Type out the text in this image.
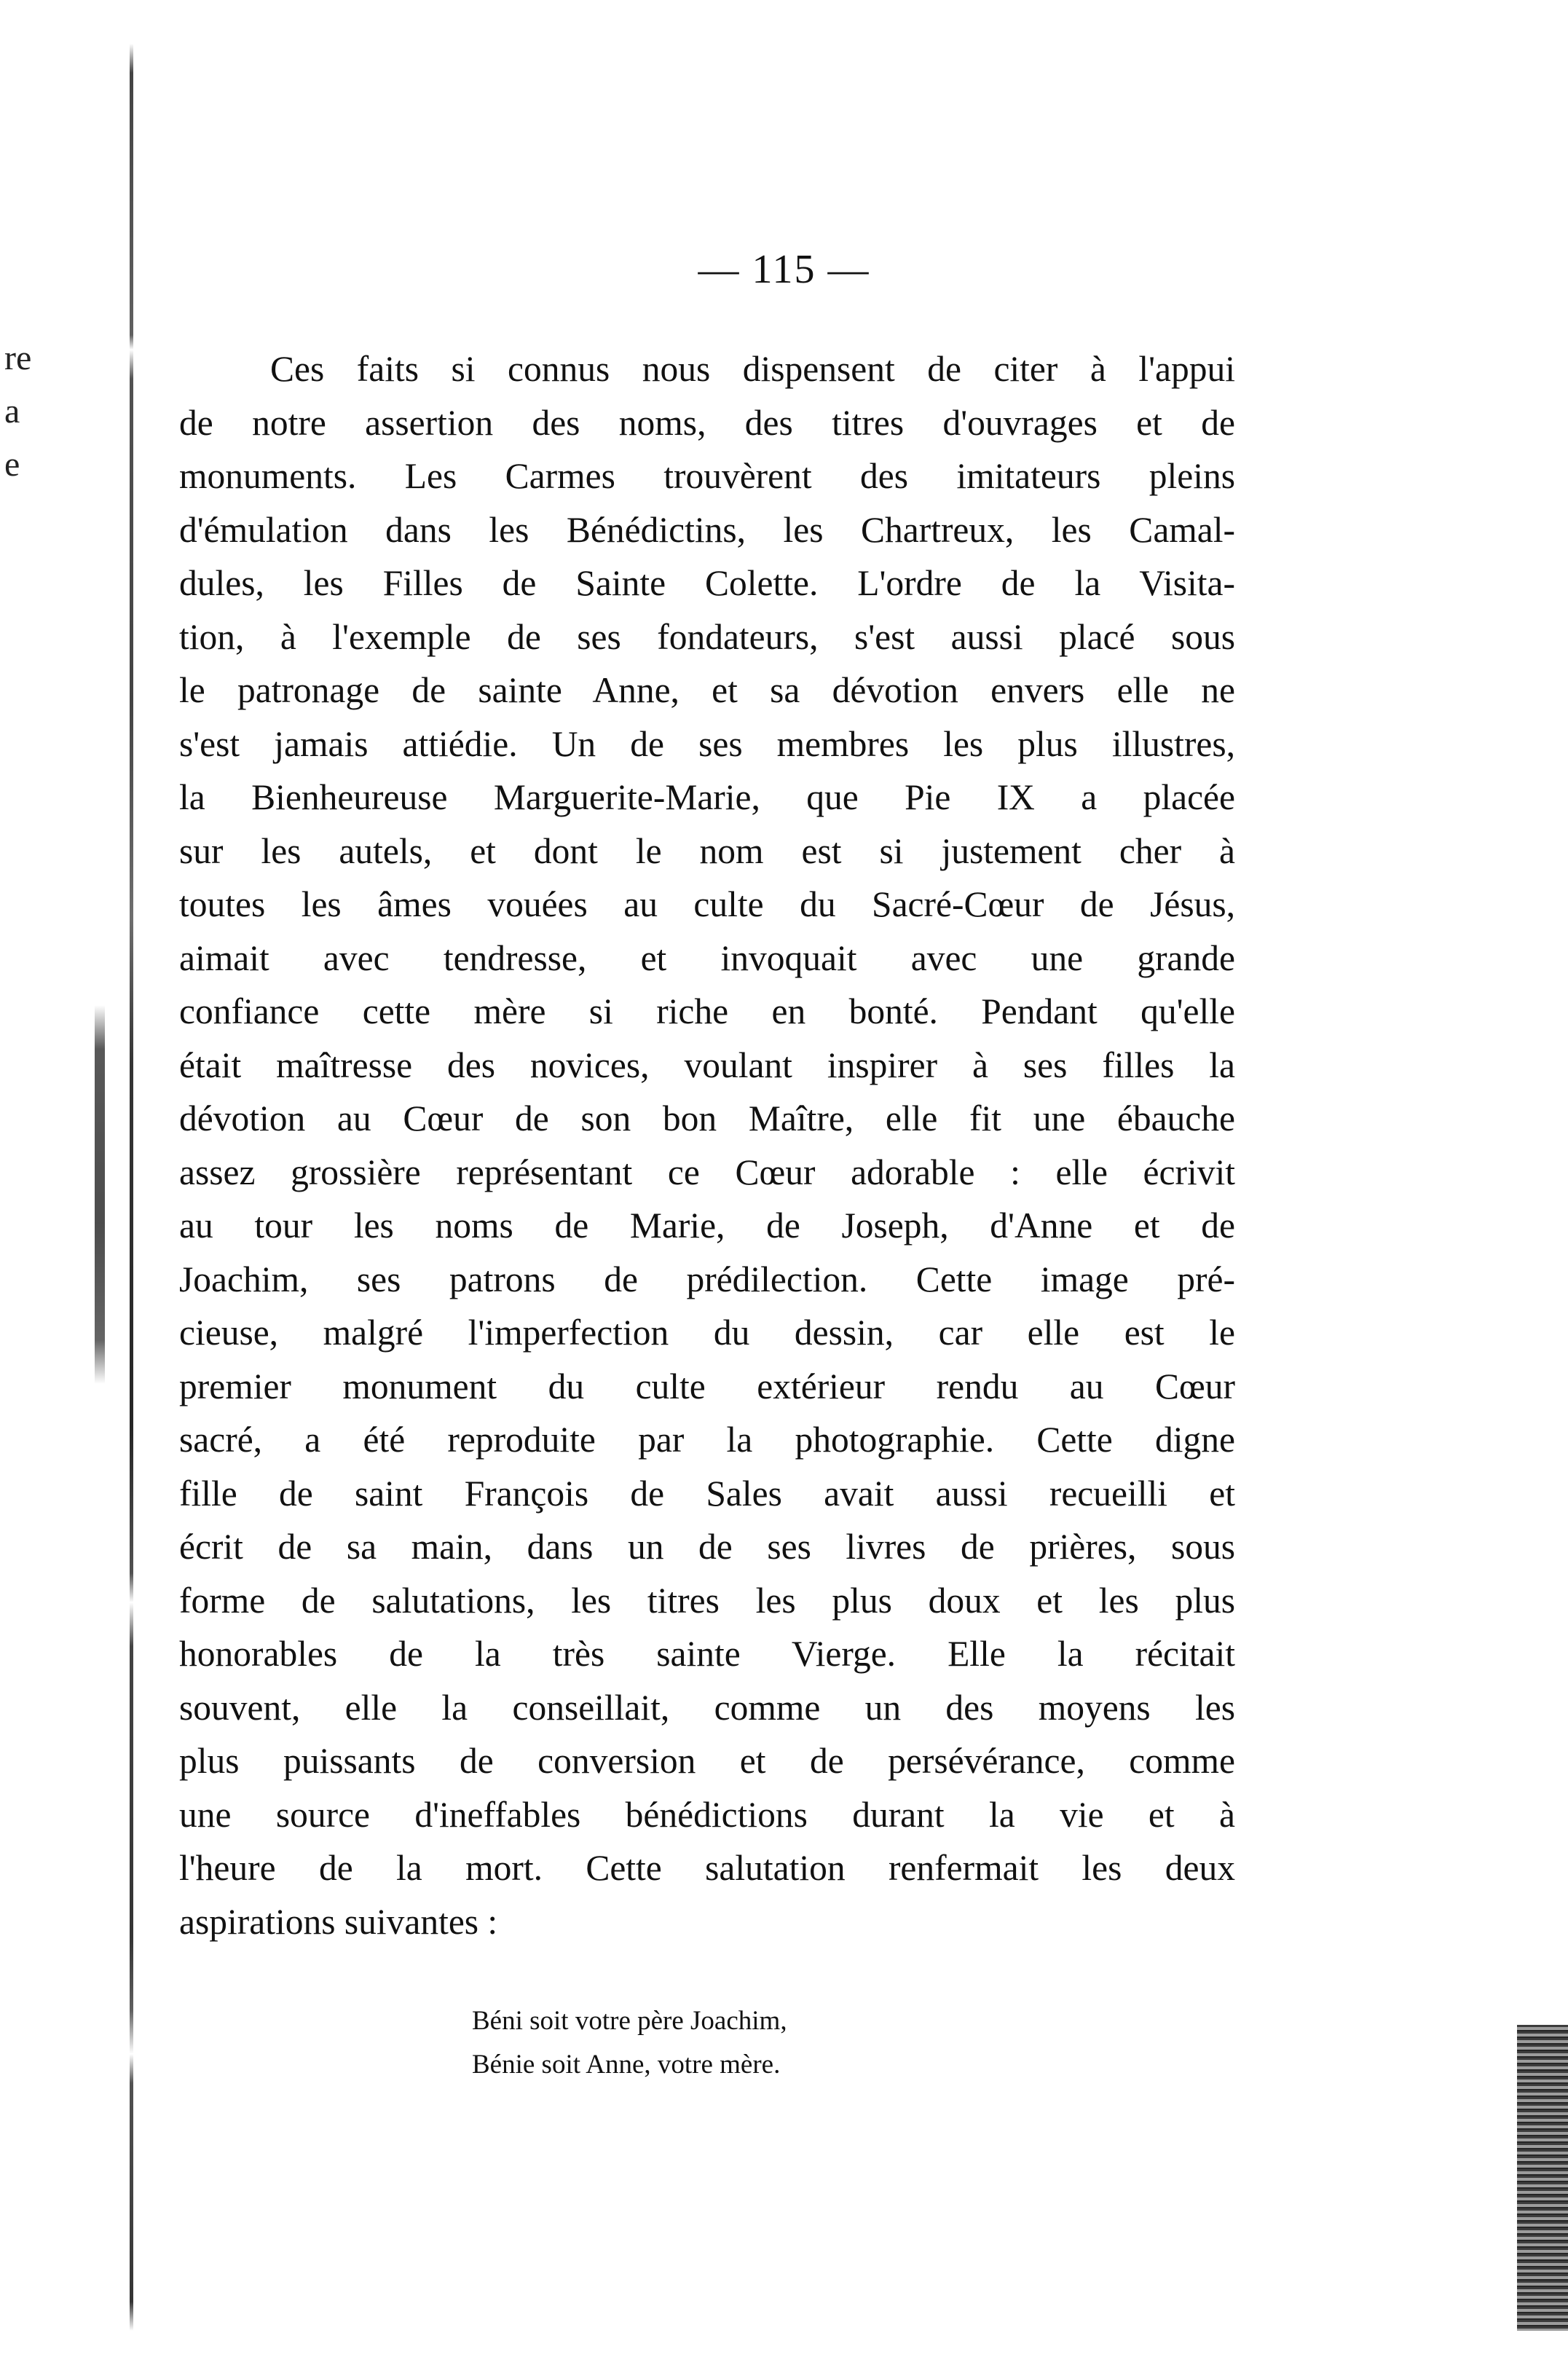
re
a
e
— 115 —
Ces faits si connus nous dispensent de citer à l'appui
de notre assertion des noms, des titres d'ouvrages et de
monuments. Les Carmes trouvèrent des imitateurs pleins
d'émulation dans les Bénédictins, les Chartreux, les Camal-
dules, les Filles de Sainte Colette. L'ordre de la Visita-
tion, à l'exemple de ses fondateurs, s'est aussi placé sous
le patronage de sainte Anne, et sa dévotion envers elle ne
s'est jamais attiédie. Un de ses membres les plus illustres,
la Bienheureuse Marguerite-Marie, que Pie IX a placée
sur les autels, et dont le nom est si justement cher à
toutes les âmes vouées au culte du Sacré-Cœur de Jésus,
aimait avec tendresse, et invoquait avec une grande
confiance cette mère si riche en bonté. Pendant qu'elle
était maîtresse des novices, voulant inspirer à ses filles la
dévotion au Cœur de son bon Maître, elle fit une ébauche
assez grossière représentant ce Cœur adorable : elle écrivit
au tour les noms de Marie, de Joseph, d'Anne et de
Joachim, ses patrons de prédilection. Cette image pré-
cieuse, malgré l'imperfection du dessin, car elle est le
premier monument du culte extérieur rendu au Cœur
sacré, a été reproduite par la photographie. Cette digne
fille de saint François de Sales avait aussi recueilli et
écrit de sa main, dans un de ses livres de prières, sous
forme de salutations, les titres les plus doux et les plus
honorables de la très sainte Vierge. Elle la récitait
souvent, elle la conseillait, comme un des moyens les
plus puissants de conversion et de persévérance, comme
une source d'ineffables bénédictions durant la vie et à
l'heure de la mort. Cette salutation renfermait les deux
aspirations suivantes :
Béni soit votre père Joachim,
Bénie soit Anne, votre mère.
